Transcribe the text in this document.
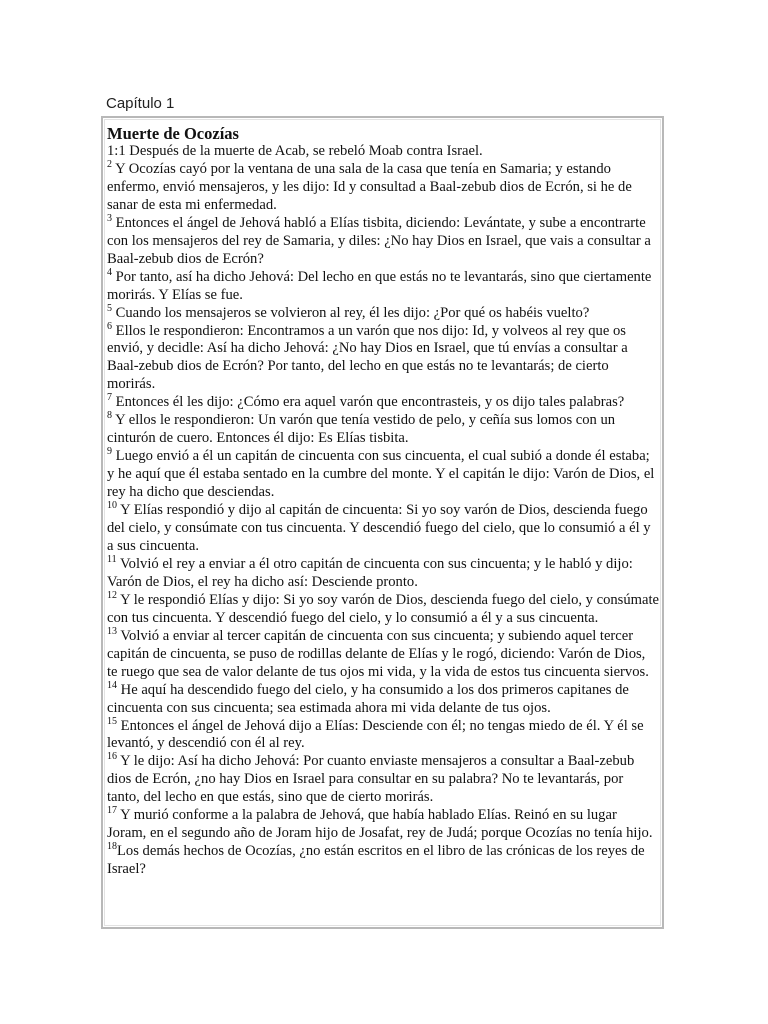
Capítulo 1
Muerte de Ocozías

1:1 Después de la muerte de Acab, se rebeló Moab contra Israel.

$^2$ Y Ocozías cayó por la ventana de una sala de la casa que tenía en Samaria; y estando enfermo, envió mensajeros, y les dijo: Id y consultad a Baal-zebub dios de Ecrón, si he de sanar de esta mi enfermedad.

$^3$ Entonces el ángel de Jehová habló a Elías tisbita, diciendo: Levántate, y sube a encontrarte con los mensajeros del rey de Samaria, y diles: ¿No hay Dios en Israel, que vais a consultar a Baal-zebub dios de Ecrón?

$^4$ Por tanto, así ha dicho Jehová: Del lecho en que estás no te levantarás, sino que ciertamente morirás. Y Elías se fue.

$^5$ Cuando los mensajeros se volvieron al rey, él les dijo: ¿Por qué os habéis vuelto?

$^6$ Ellos le respondieron: Encontramos a un varón que nos dijo: Id, y volveos al rey que os envió, y decidle: Así ha dicho Jehová: ¿No hay Dios en Israel, que tú envías a consultar a Baal-zebub dios de Ecrón? Por tanto, del lecho en que estás no te levantarás; de cierto morirás.

$^7$ Entonces él les dijo: ¿Cómo era aquel varón que encontrasteis, y os dijo tales palabras?

$^8$ Y ellos le respondieron: Un varón que tenía vestido de pelo, y ceñía sus lomos con un cinturón de cuero. Entonces él dijo: Es Elías tisbita.

$^9$ Luego envió a él un capitán de cincuenta con sus cincuenta, el cual subió a donde él estaba; y he aquí que él estaba sentado en la cumbre del monte. Y el capitán le dijo: Varón de Dios, el rey ha dicho que desciendas.

$^{10}$ Y Elías respondió y dijo al capitán de cincuenta: Si yo soy varón de Dios, descienda fuego del cielo, y consúmate con tus cincuenta. Y descendió fuego del cielo, que lo consumió a él y a sus cincuenta.

$^{11}$ Volvió el rey a enviar a él otro capitán de cincuenta con sus cincuenta; y le habló y dijo: Varón de Dios, el rey ha dicho así: Desciende pronto.

$^{12}$ Y le respondió Elías y dijo: Si yo soy varón de Dios, descienda fuego del cielo, y consúmate con tus cincuenta. Y descendió fuego del cielo, y lo consumió a él y a sus cincuenta.

$^{13}$ Volvió a enviar al tercer capitán de cincuenta con sus cincuenta; y subiendo aquel tercer capitán de cincuenta, se puso de rodillas delante de Elías y le rogó, diciendo: Varón de Dios, te ruego que sea de valor delante de tus ojos mi vida, y la vida de estos tus cincuenta siervos.

$^{14}$ He aquí ha descendido fuego del cielo, y ha consumido a los dos primeros capitanes de cincuenta con sus cincuenta; sea estimada ahora mi vida delante de tus ojos.

$^{15}$ Entonces el ángel de Jehová dijo a Elías: Desciende con él; no tengas miedo de él. Y él se levantó, y descendió con él al rey.

$^{16}$ Y le dijo: Así ha dicho Jehová: Por cuanto enviaste mensajeros a consultar a Baal-zebub dios de Ecrón, ¿no hay Dios en Israel para consultar en su palabra? No te levantarás, por tanto, del lecho en que estás, sino que de cierto morirás.

$^{17}$ Y murió conforme a la palabra de Jehová, que había hablado Elías. Reinó en su lugar Joram, en el segundo año de Joram hijo de Josafat, rey de Judá; porque Ocozías no tenía hijo.

$^{18}$Los demás hechos de Ocozías, ¿no están escritos en el libro de las crónicas de los reyes de Israel?
